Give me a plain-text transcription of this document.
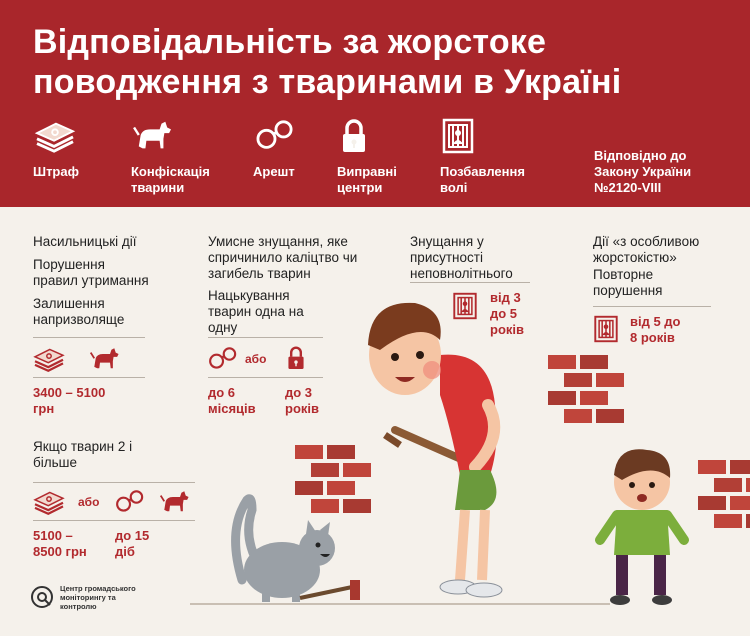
Відповідальність за жорстоке
поводження з тваринами в Україні
Штраф	Конфіскація тварини
Арешт	Виправні центри
Позбавлення волі
Відповідно до Закону України №2120-VIII
Насильницькі дії
Порушення правил утримання
Залишення напризволяще
3400 – 5100 грн
Якщо тварин 2 і більше
або
5100 – 8500 грн
до 15 діб
Умисне знущання, яке спричинило каліцтво чи загибель тварин
Нацькування тварин одна на одну
або
до 6 місяців
до 3 років
Знущання у присутності неповнолітнього
від 3 до 5 років
Дії «з особливою жорстокістю»
Повторне порушення
від 5 до 8 років
Центр громадського моніторингу та контролю
